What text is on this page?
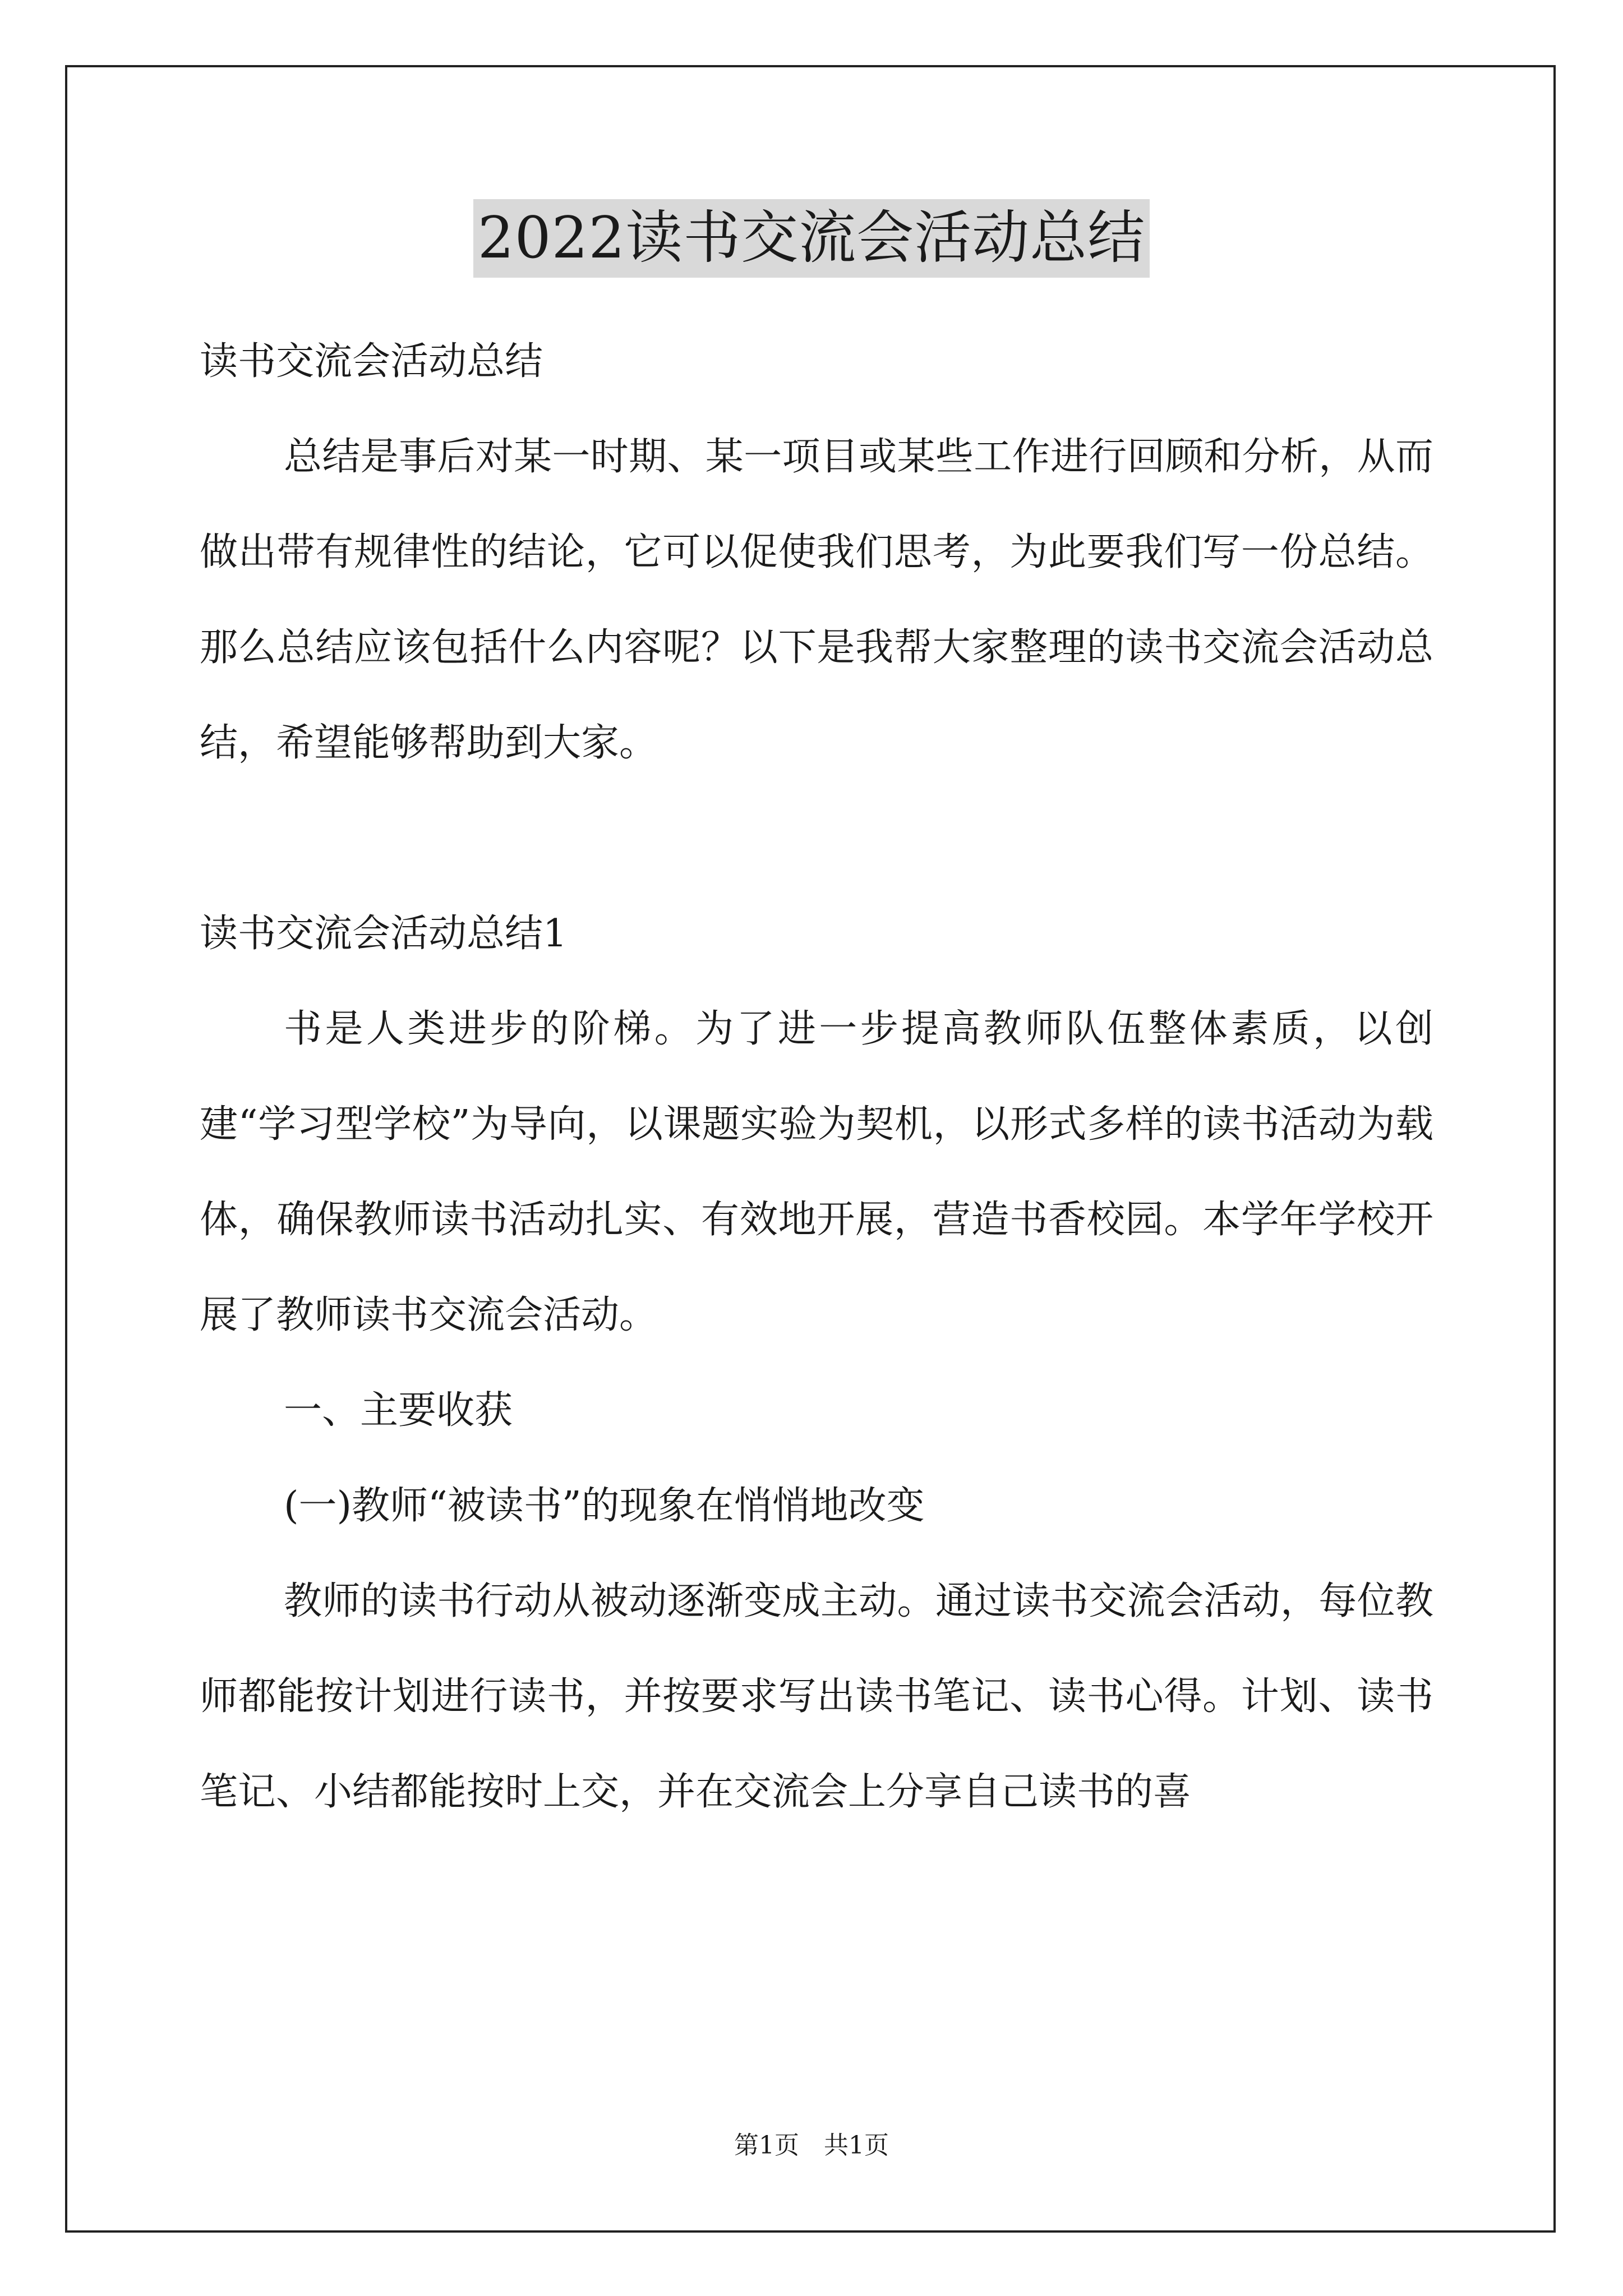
2022读书交流会活动总结

读书交流会活动总结

总结是事后对某一时期、某一项目或某些工作进行回顾和分析，从而做出带有规律性的结论，它可以促使我们思考，为此要我们写一份总结。那么总结应该包括什么内容呢？以下是我帮大家整理的读书交流会活动总结，希望能够帮助到大家。

读书交流会活动总结1

书是人类进步的阶梯。为了进一步提高教师队伍整体素质，以创建“学习型学校”为导向，以课题实验为契机，以形式多样的读书活动为载体，确保教师读书活动扎实、有效地开展，营造书香校园。本学年学校开展了教师读书交流会活动。

一、主要收获

(一)教师“被读书”的现象在悄悄地改变

教师的读书行动从被动逐渐变成主动。通过读书交流会活动，每位教师都能按计划进行读书，并按要求写出读书笔记、读书心得。计划、读书笔记、小结都能按时上交，并在交流会上分享自己读书的喜

第1页　共1页
